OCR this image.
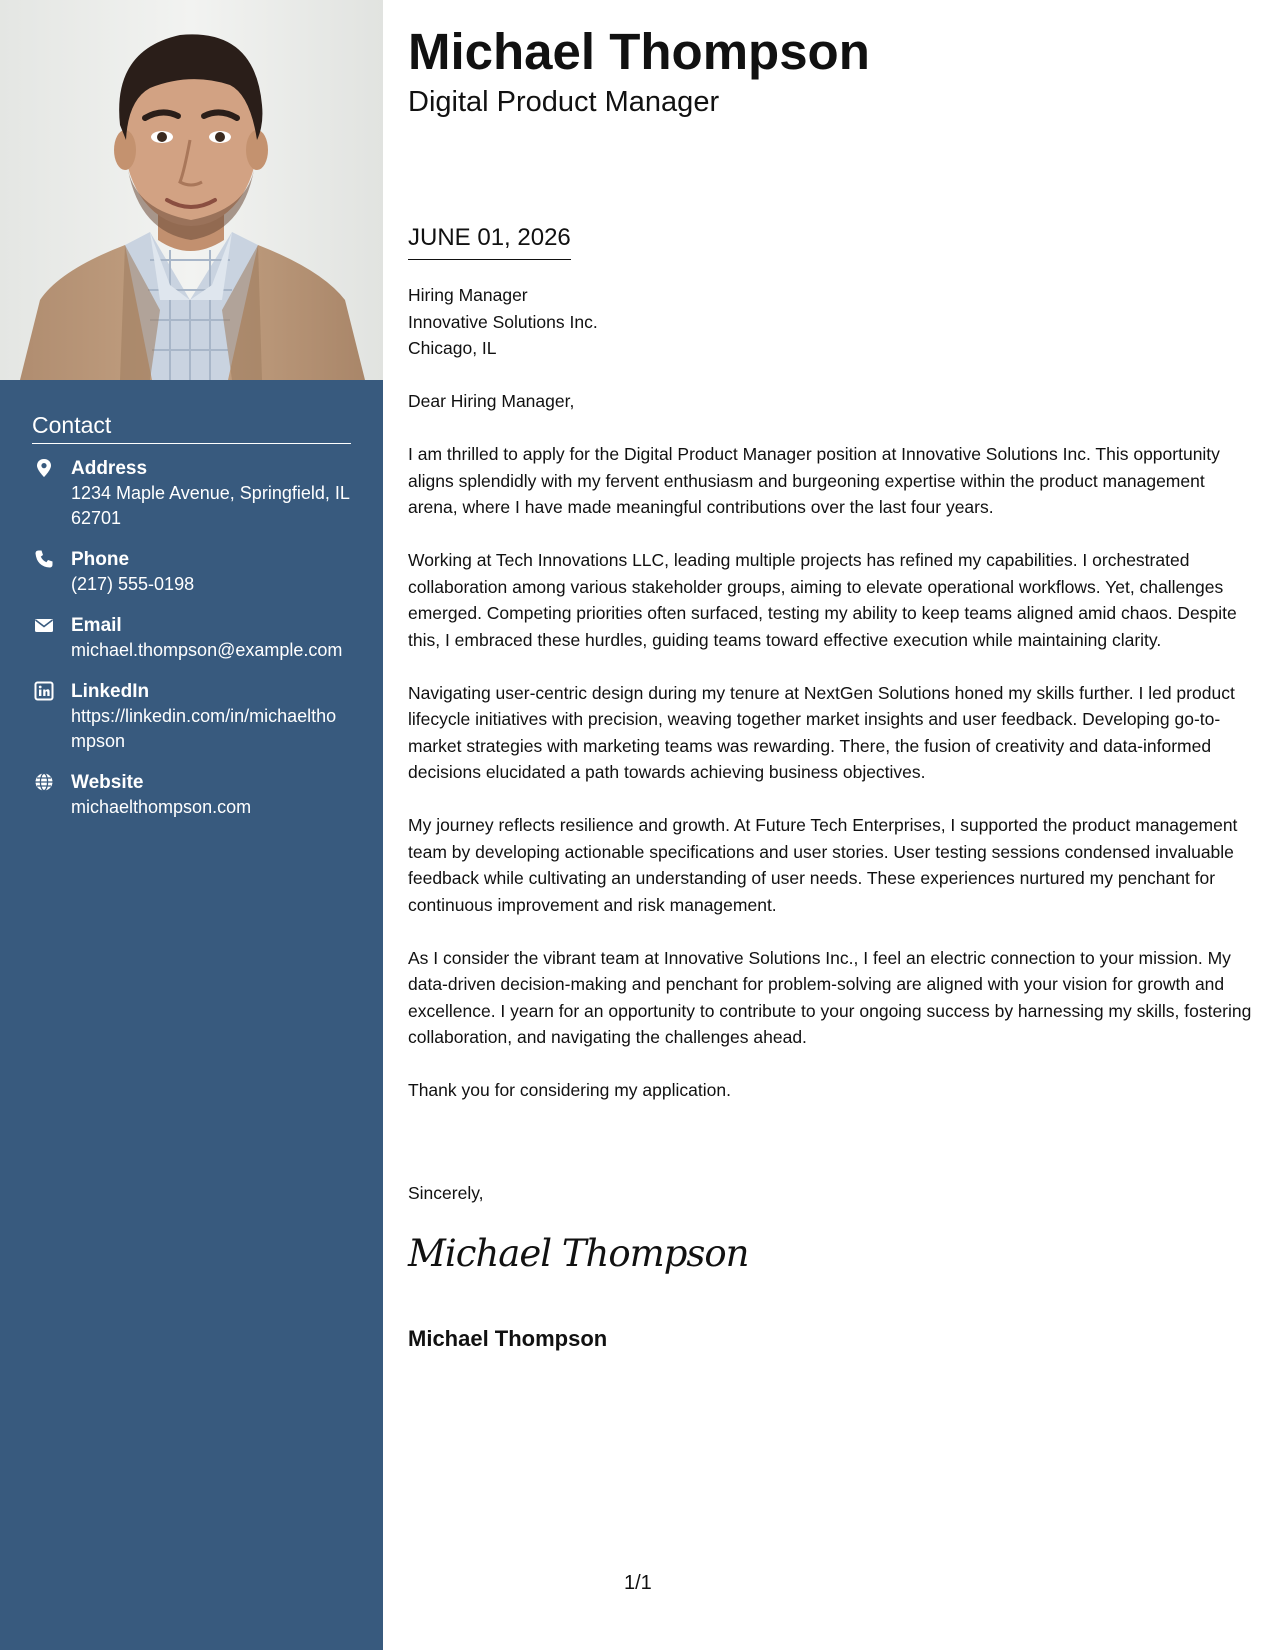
Contact
Address
1234 Maple Avenue, Springfield, IL 62701
Phone
(217) 555-0198
Email
michael.thompson@example.com
LinkedIn
https://linkedin.com/in/michaelthompson
Website
michaelthompson.com
Michael Thompson
Digital Product Manager
JUNE 01, 2026

Hiring Manager
Innovative Solutions Inc.
Chicago, IL

Dear Hiring Manager,

I am thrilled to apply for the Digital Product Manager position at Innovative Solutions Inc. This opportunity aligns splendidly with my fervent enthusiasm and burgeoning expertise within the product management arena, where I have made meaningful contributions over the last four years.

Working at Tech Innovations LLC, leading multiple projects has refined my capabilities. I orchestrated collaboration among various stakeholder groups, aiming to elevate operational workflows. Yet, challenges emerged. Competing priorities often surfaced, testing my ability to keep teams aligned amid chaos. Despite this, I embraced these hurdles, guiding teams toward effective execution while maintaining clarity.

Navigating user-centric design during my tenure at NextGen Solutions honed my skills further. I led product lifecycle initiatives with precision, weaving together market insights and user feedback. Developing go-to-market strategies with marketing teams was rewarding. There, the fusion of creativity and data-informed decisions elucidated a path towards achieving business objectives.

My journey reflects resilience and growth. At Future Tech Enterprises, I supported the product management team by developing actionable specifications and user stories. User testing sessions condensed invaluable feedback while cultivating an understanding of user needs. These experiences nurtured my penchant for continuous improvement and risk management.

As I consider the vibrant team at Innovative Solutions Inc., I feel an electric connection to your mission. My data-driven decision-making and penchant for problem-solving are aligned with your vision for growth and excellence. I yearn for an opportunity to contribute to your ongoing success by harnessing my skills, fostering collaboration, and navigating the challenges ahead.

Thank you for considering my application.

Sincerely,
Michael Thompson
Michael Thompson
1/1
